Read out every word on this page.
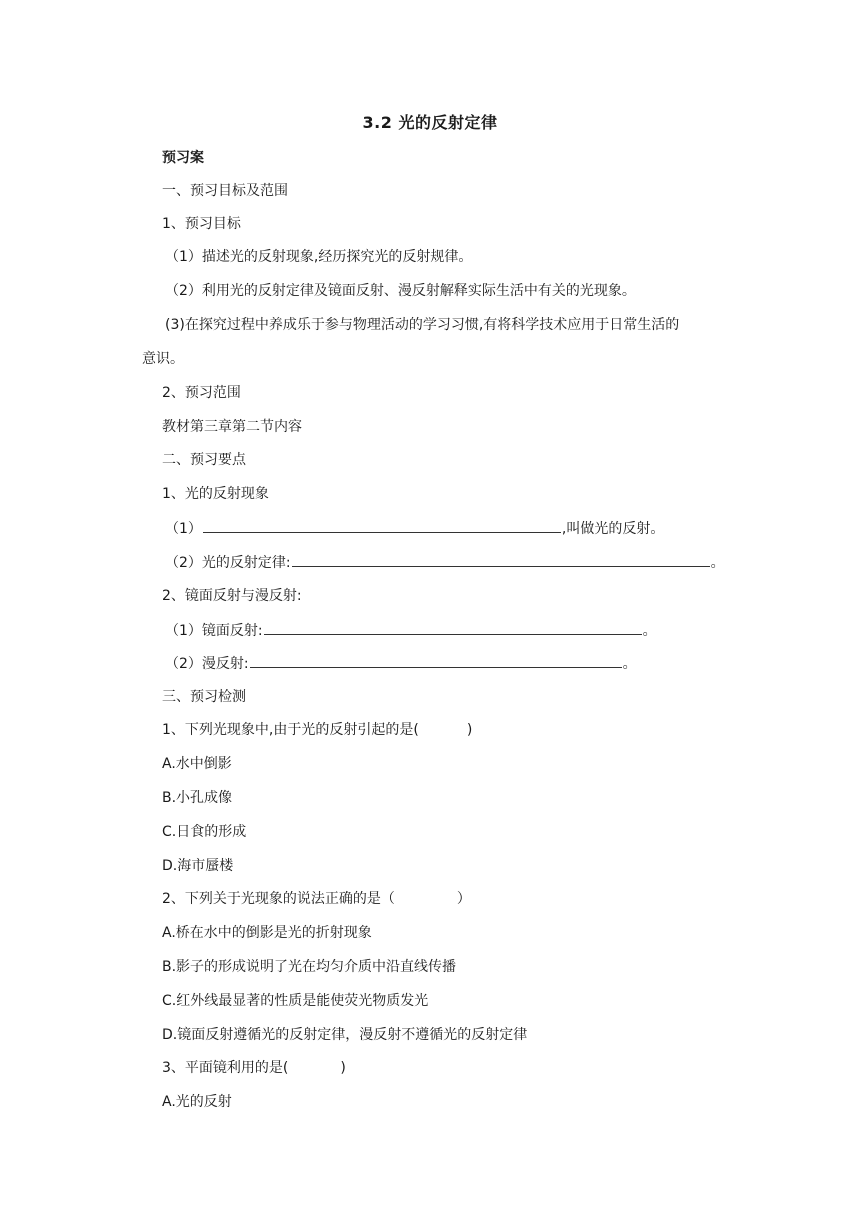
3.2 光的反射定律
预习案
一、预习目标及范围
1、预习目标
（1）描述光的反射现象,经历探究光的反射规律。
（2）利用光的反射定律及镜面反射、漫反射解释实际生活中有关的光现象。
(3)在探究过程中养成乐于参与物理活动的学习习惯,有将科学技术应用于日常生活的
意识。
2、预习范围
教材第三章第二节内容
二、预习要点
1、光的反射现象
（1）	,叫做光的反射。
（2）光的反射定律:	。
2、镜面反射与漫反射:
（1）镜面反射:	。
（2）漫反射:	。
三、预习检测
1、下列光现象中,由于光的反射引起的是(	)
A.水中倒影
B.小孔成像
C.日食的形成
D.海市蜃楼
2、下列关于光现象的说法正确的是（	）
A.桥在水中的倒影是光的折射现象
B.影子的形成说明了光在均匀介质中沿直线传播
C.红外线最显著的性质是能使荧光物质发光
D.镜面反射遵循光的反射定律，漫反射不遵循光的反射定律
3、平面镜利用的是(	)
A.光的反射
